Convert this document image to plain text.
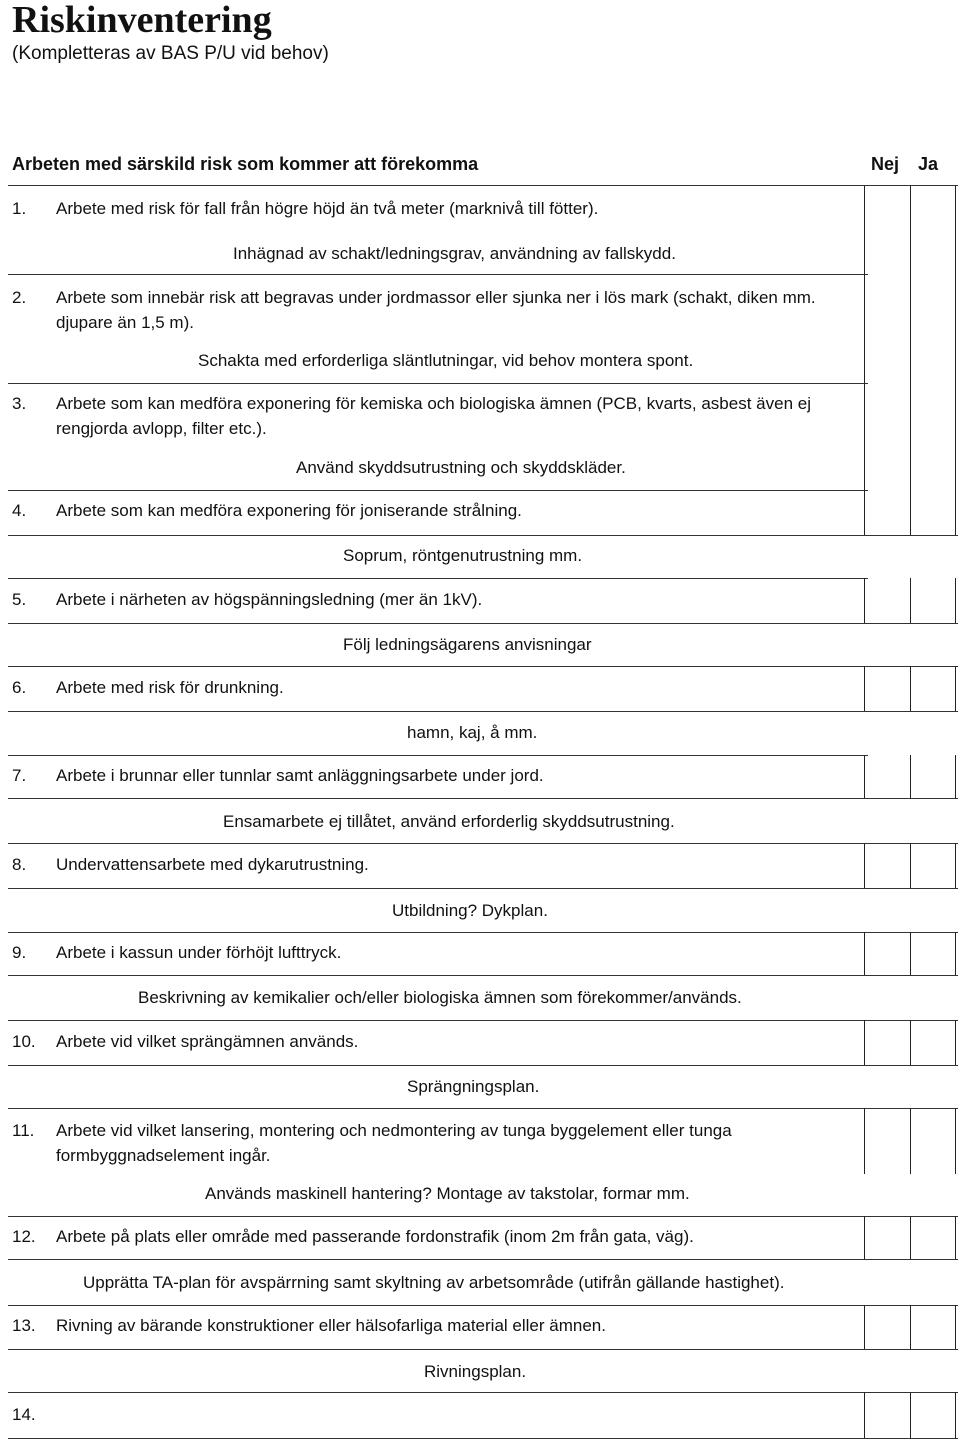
Riskinventering
(Kompletteras av BAS P/U vid behov)
Arbeten med särskild risk som kommer att förekomma	Nej Ja
1. Arbete med risk för fall från högre höjd än två meter (marknivå till fötter).
Inhägnad av schakt/ledningsgrav, användning av fallskydd.
2. Arbete som innebär risk att begravas under jordmassor eller sjunka ner i lös mark (schakt, diken mm. djupare än 1,5 m).
Schakta med erforderliga släntlutningar, vid behov montera spont.
3. Arbete som kan medföra exponering för kemiska och biologiska ämnen (PCB, kvarts, asbest även ej rengjorda avlopp, filter etc.).
Använd skyddsutrustning och skyddskläder.
4. Arbete som kan medföra exponering för joniserande strålning.
Soprum, röntgenutrustning mm.
5. Arbete i närheten av högspänningsledning (mer än 1kV).
Följ ledningsägarens anvisningar
6. Arbete med risk för drunkning.
hamn, kaj, å mm.
7. Arbete i brunnar eller tunnlar samt anläggningsarbete under jord.
Ensamarbete ej tillåtet, använd erforderlig skyddsutrustning.
8. Undervattensarbete med dykarutrustning.
Utbildning? Dykplan.
9. Arbete i kassun under förhöjt lufttryck.
Beskrivning av kemikalier och/eller biologiska ämnen som förekommer/används.
10. Arbete vid vilket sprängämnen används.
Sprängningsplan.
11. Arbete vid vilket lansering, montering och nedmontering av tunga byggelement eller tunga formbyggnadselement ingår.
Används maskinell hantering? Montage av takstolar, formar mm.
12. Arbete på plats eller område med passerande fordonstrafik (inom 2m från gata, väg).
Upprätta TA-plan för avspärrning samt skyltning av arbetsområde (utifrån gällande hastighet).
13. Rivning av bärande konstruktioner eller hälsofarliga material eller ämnen.
Rivningsplan.
14.
